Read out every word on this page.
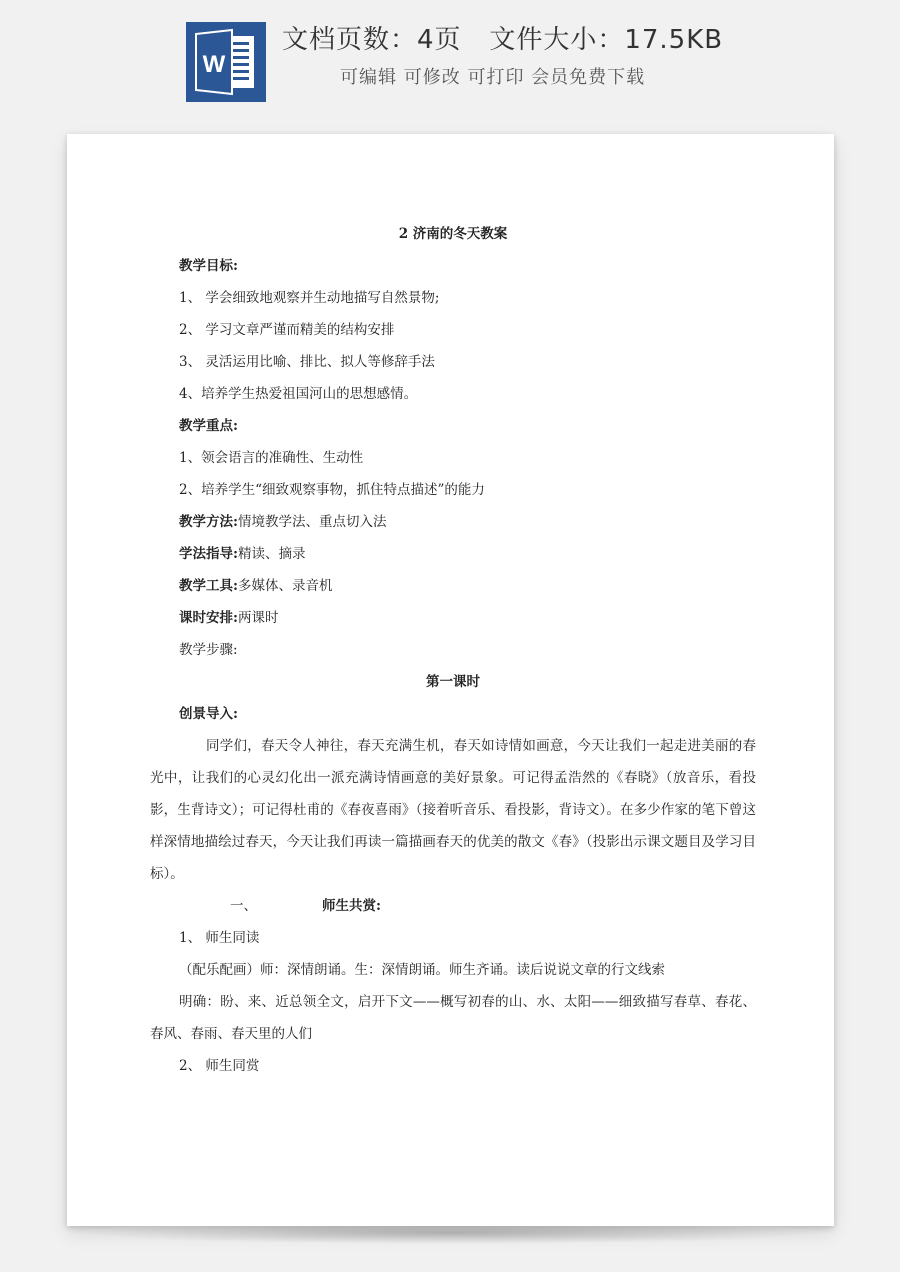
W
文档页数：4页   文件大小：17.5KB
可编辑 可修改 可打印 会员免费下载
2 济南的冬天教案
教学目标:
1、 学会细致地观察并生动地描写自然景物;
2、 学习文章严谨而精美的结构安排
3、 灵活运用比喻、排比、拟人等修辞手法
4、培养学生热爱祖国河山的思想感情。
教学重点:
1、领会语言的准确性、生动性
2、培养学生“细致观察事物，抓住特点描述”的能力
教学方法:情境教学法、重点切入法
学法指导:精读、摘录
教学工具:多媒体、录音机
课时安排:两课时
教学步骤:
第一课时
创景导入:

同学们，春天令人神往，春天充满生机，春天如诗情如画意，今天让我们一起走进美丽的春光中，让我们的心灵幻化出一派充满诗情画意的美好景象。可记得孟浩然的《春晓》（放音乐，看投影，生背诗文）；可记得杜甫的《春夜喜雨》（接着听音乐、看投影，背诗文）。在多少作家的笔下曾这样深情地描绘过春天，今天让我们再读一篇描画春天的优美的散文《春》（投影出示课文题目及学习目标）。

一、	师生共赏:
1、 师生同读
（配乐配画）师：深情朗诵。生：深情朗诵。师生齐诵。读后说说文章的行文线索

明确：盼、来、近总领全文，启开下文——概写初春的山、水、太阳——细致描写春草、春花、春风、春雨、春天里的人们

2、 师生同赏
